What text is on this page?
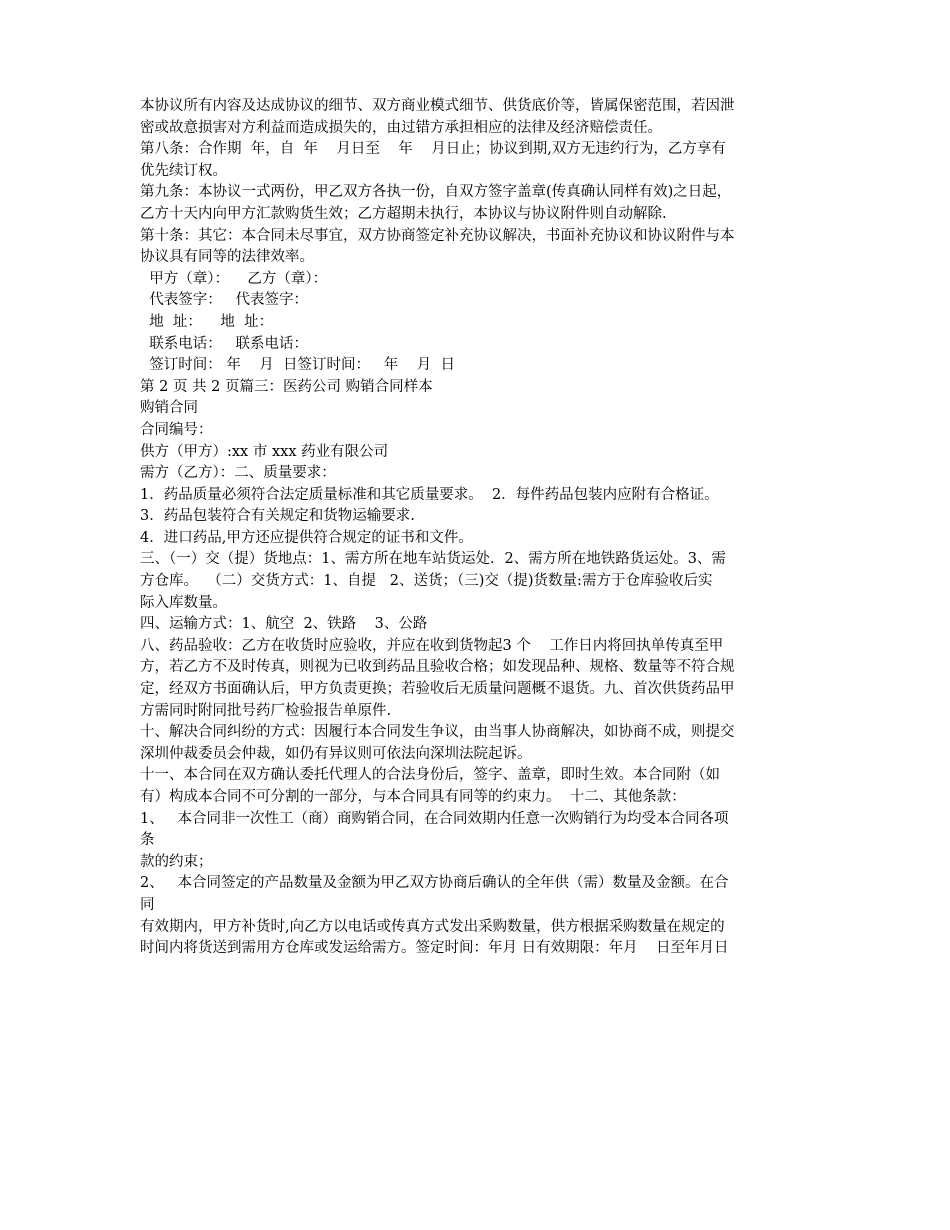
本协议所有内容及达成协议的细节、双方商业模式细节、供货底价等，皆属保密范围，若因泄
密或故意损害对方利益而造成损失的，由过错方承担相应的法律及经济赔偿责任。
第八条：合作期  年，自  年    月日至    年    月日止；协议到期,双方无违约行为，乙方享有
优先续订权。
第九条：本协议一式两份，甲乙双方各执一份，自双方签字盖章(传真确认同样有效)之日起，
乙方十天内向甲方汇款购货生效；乙方超期未执行，本协议与协议附件则自动解除.
第十条：其它：本合同未尽事宜，双方协商签定补充协议解决，书面补充协议和协议附件与本
协议具有同等的法律效率。
甲方（章）：    乙方（章）：
代表签字：   代表签字：
地  址：    地  址：
联系电话：   联系电话：
签订时间： 年    月  日签订时间：   年    月  日
第 2 页 共 2 页篇三：医药公司 购销合同样本
购销合同
合同编号：
供方（甲方）:xx 市 xxx 药业有限公司
需方（乙方）：二、质量要求：
1．药品质量必须符合法定质量标准和其它质量要求。  2．每件药品包装内应附有合格证。
3．药品包装符合有关规定和货物运输要求.
4．进口药品,甲方还应提供符合规定的证书和文件。
三、（一）交（提）货地点：1、需方所在地车站货运处．2、需方所在地铁路货运处。3、需
方仓库。  （二）交货方式：1、自提   2、送货；（三)交（提)货数量:需方于仓库验收后实
际入库数量。
四、运输方式：1、航空  2、铁路    3、公路
八、药品验收：乙方在收货时应验收，并应在收到货物起3 个    工作日内将回执单传真至甲
方，若乙方不及时传真，则视为已收到药品且验收合格；如发现品种、规格、数量等不符合规
定，经双方书面确认后，甲方负责更换；若验收后无质量问题概不退货。九、首次供货药品甲
方需同时附同批号药厂检验报告单原件.
十、解决合同纠纷的方式：因履行本合同发生争议，由当事人协商解决，如协商不成，则提交
深圳仲裁委员会仲裁，如仍有异议则可依法向深圳法院起诉。
十一、本合同在双方确认委托代理人的合法身份后，签字、盖章，即时生效。本合同附（如
有）构成本合同不可分割的一部分，与本合同具有同等的约束力。  十二、其他条款：
1、   本合同非一次性工（商）商购销合同，在合同效期内任意一次购销行为均受本合同各项
条
款的约束；
2、   本合同签定的产品数量及金额为甲乙双方协商后确认的全年供（需）数量及金额。在合
同
有效期内，甲方补货时,向乙方以电话或传真方式发出采购数量，供方根据采购数量在规定的
时间内将货送到需用方仓库或发运给需方。签定时间：年月 日有效期限：年月    日至年月日
